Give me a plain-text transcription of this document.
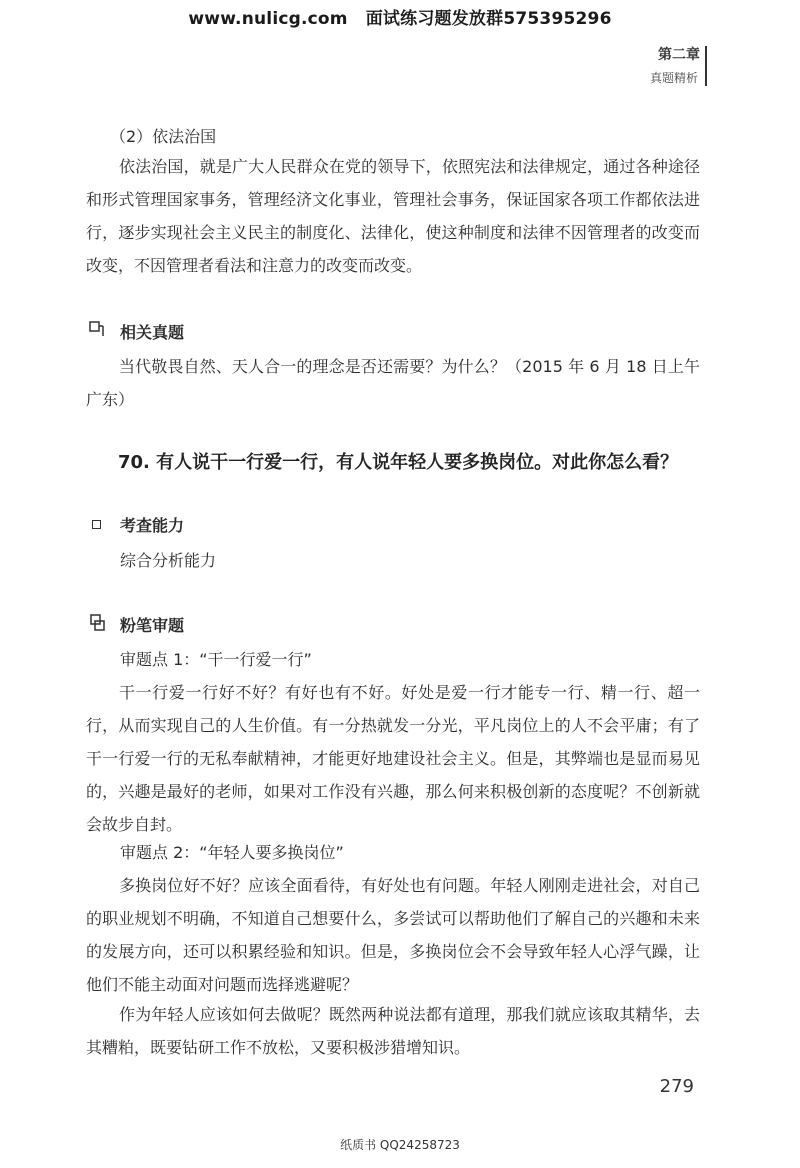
www.nulicg.com 面试练习题发放群575395296
第二章
真题精析
（2）依法治国
依法治国，就是广大人民群众在党的领导下，依照宪法和法律规定，通过各种途径和形式管理国家事务，管理经济文化事业，管理社会事务，保证国家各项工作都依法进行，逐步实现社会主义民主的制度化、法律化，使这种制度和法律不因管理者的改变而改变，不因管理者看法和注意力的改变而改变。
相关真题
当代敬畏自然、天人合一的理念是否还需要？为什么？（2015 年 6 月 18 日上午 广东）
70. 有人说干一行爱一行，有人说年轻人要多换岗位。对此你怎么看？
考查能力
综合分析能力
粉笔审题
审题点 1：“干一行爱一行”
干一行爱一行好不好？有好也有不好。好处是爱一行才能专一行、精一行、超一行，从而实现自己的人生价值。有一分热就发一分光，平凡岗位上的人不会平庸；有了干一行爱一行的无私奉献精神，才能更好地建设社会主义。但是，其弊端也是显而易见的，兴趣是最好的老师，如果对工作没有兴趣，那么何来积极创新的态度呢？不创新就会故步自封。
审题点 2：“年轻人要多换岗位”
多换岗位好不好？应该全面看待，有好处也有问题。年轻人刚刚走进社会，对自己的职业规划不明确，不知道自己想要什么，多尝试可以帮助他们了解自己的兴趣和未来的发展方向，还可以积累经验和知识。但是，多换岗位会不会导致年轻人心浮气躁，让他们不能主动面对问题而选择逃避呢？
作为年轻人应该如何去做呢？既然两种说法都有道理，那我们就应该取其精华，去其糟粕，既要钻研工作不放松，又要积极涉猎增知识。
279
纸质书 QQ24258723
